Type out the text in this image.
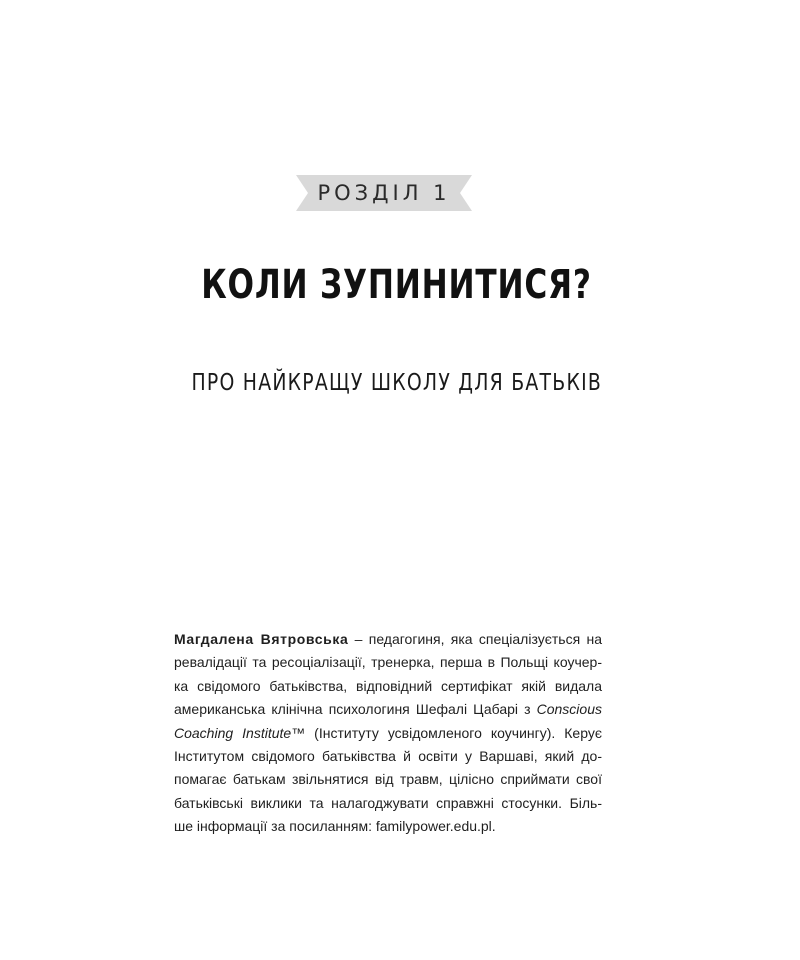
РОЗДІЛ 1
КОЛИ ЗУПИНИТИСЯ?
ПРО НАЙКРАЩУ ШКОЛУ ДЛЯ БАТЬКІВ
Магдалена Вятровська – педагогиня, яка спеціалізується на
ревалідації та ресоціалізації, тренерка, перша в Польщі коучер-
ка свідомого батьківства, відповідний сертифікат якій видала
американська клінічна психологиня Шефалі Цабарі з Conscious
Coaching Institute™ (Інституту усвідомленого коучингу). Керує
Інститутом свідомого батьківства й освіти у Варшаві, який до-
помагає батькам звільнятися від травм, цілісно сприймати свої
батьківські виклики та налагоджувати справжні стосунки. Біль-
ше інформації за посиланням: familypower.edu.pl.
